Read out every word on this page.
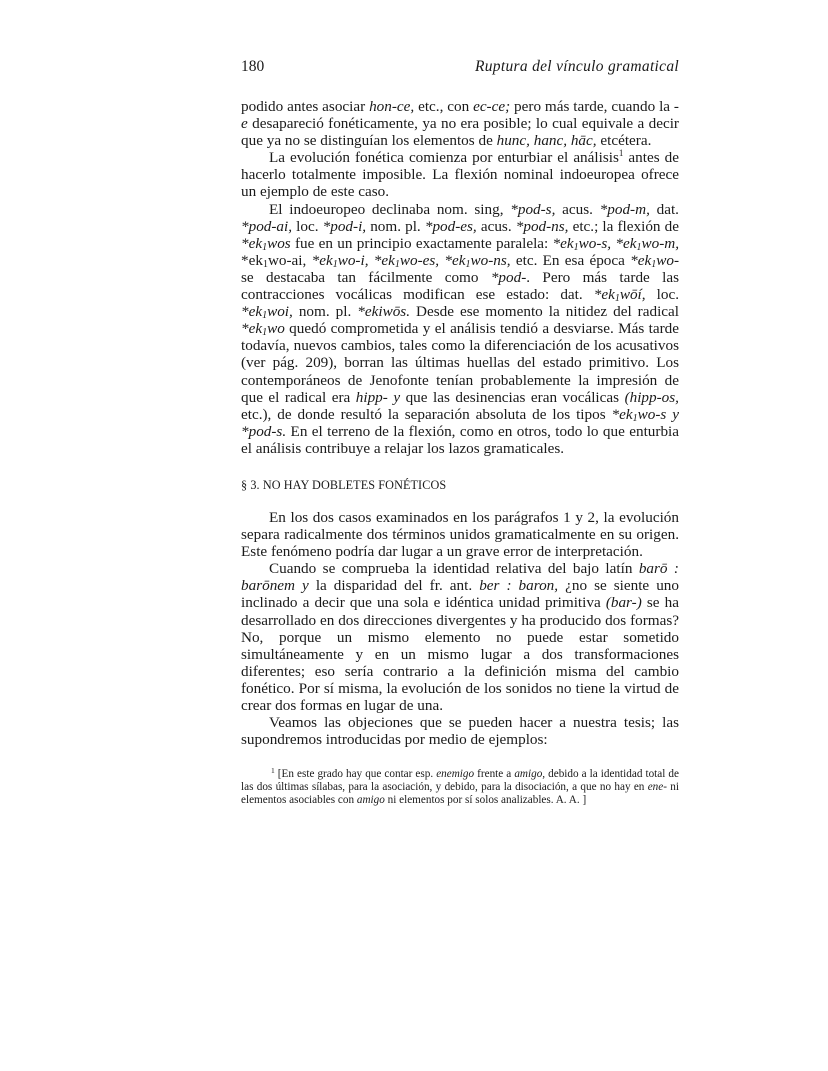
180	Ruptura del vínculo gramatical

podido antes asociar hon-ce, etc., con ec-ce; pero más tarde, cuando la -e desapareció fonéticamente, ya no era posible; lo cual equivale a decir que ya no se distinguían los elementos de hunc, hanc, hāc, etcétera.

La evolución fonética comienza por enturbiar el análisis$^1$ antes de hacerlo totalmente imposible. La flexión nominal indoeuropea ofrece un ejemplo de este caso.

El indoeuropeo declinaba nom. sing, *pod-s, acus. *pod-m, dat. *pod-ai, loc. *pod-i, nom. pl. *pod-es, acus. *pod-ns, etc.; la flexión de $*ek_1wos$ fue en un principio exactamente paralela: $*ek_1wo-s$, $*ek_1wo-m$, $*ek_1wo-ai$, $*ek_1wo-i$, $*ek_1wo-es$, $*ek_1wo-ns$, etc. En esa época $*ek_1wo-$ se destacaba tan fácilmente como *pod-. Pero más tarde las contracciones vocálicas modifican ese estado: dat. $*ek_1wōí$, loc. $*ek_1woi$, nom. pl. *ekiwōs. Desde ese momento la nitidez del radical $*ek_1wo$ quedó comprometida y el análisis tendió a desviarse. Más tarde todavía, nuevos cambios, tales como la diferenciación de los acusativos (ver pág. 209), borran las últimas huellas del estado primitivo. Los contemporáneos de Jenofonte tenían probablemente la impresión de que el radical era hipp- y que las desinencias eran vocálicas (hipp-os, etc.), de donde resultó la separación absoluta de los tipos $*ek_1wo-s$ y *pod-s. En el terreno de la flexión, como en otros, todo lo que enturbia el análisis contribuye a relajar los lazos gramaticales.

§ 3. NO HAY DOBLETES FONÉTICOS

En los dos casos examinados en los parágrafos 1 y 2, la evolución separa radicalmente dos términos unidos gramaticalmente en su origen. Este fenómeno podría dar lugar a un grave error de interpretación.

Cuando se comprueba la identidad relativa del bajo latín barō : barōnem y la disparidad del fr. ant. ber : baron, ¿no se siente uno inclinado a decir que una sola e idéntica unidad primitiva (bar-) se ha desarrollado en dos direcciones divergentes y ha producido dos formas? No, porque un mismo elemento no puede estar sometido simultáneamente y en un mismo lugar a dos transformaciones diferentes; eso sería contrario a la definición misma del cambio fonético. Por sí misma, la evolución de los sonidos no tiene la virtud de crear dos formas en lugar de una.

Veamos las objeciones que se pueden hacer a nuestra tesis; las supondremos introducidas por medio de ejemplos:

$^1$ [En este grado hay que contar esp. enemigo frente a amigo, debido a la identidad total de las dos últimas sílabas, para la asociación, y debido, para la disociación, a que no hay en ene- ni elementos asociables con amigo ni elementos por sí solos analizables. A. A. ]
